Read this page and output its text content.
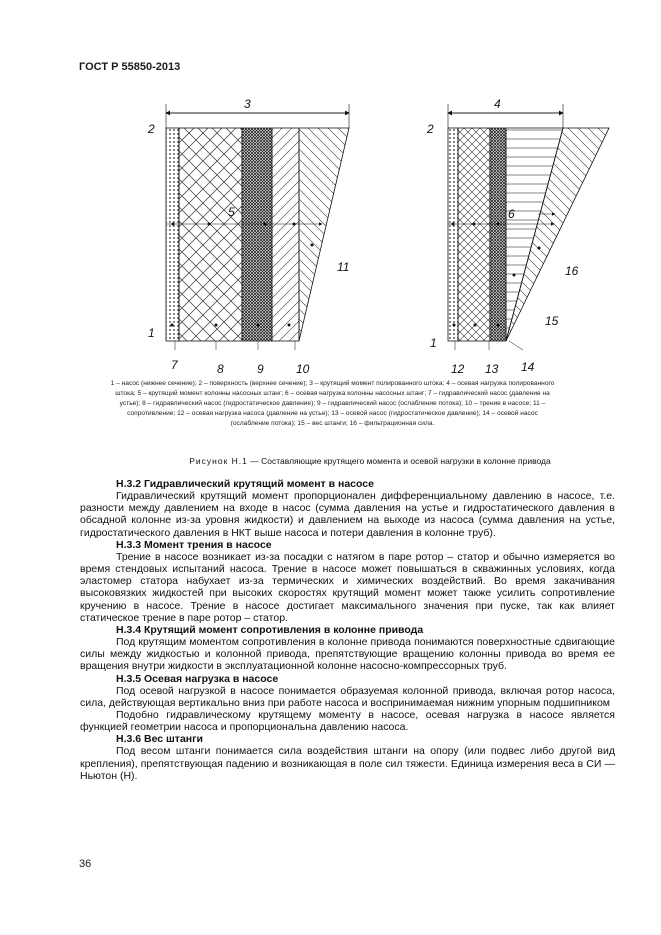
ГОСТ Р 55850-2013
3
2
1
5
7	8	9	10
11
4
2
1
6
12 13 14
15
16
1 – насос (нижнее сечение); 2 – поверхность (верхнее сечение); 3 – крутящий момент полированного штока; 4 – осевая нагрузка полированного штока; 5 – крутящий момент колонны насосных штанг; 6 – осевая нагрузка колонны насосных штанг; 7 – гидравлический насос (давление на устье); 8 – гидравлический насос (гидростатическое давление); 9 – гидравлический насос (ослабление потока); 10 – трение в насосе; 11 – сопротивление; 12 – осевая нагрузка насоса (давление на устье); 13 – осевой насос (гидростатическое давление); 14 – осевой насос (ослабление потока); 15 – вес штанги; 16 – фильтрационная сила.
Рисунок Н.1 — Составляющие крутящего момента и осевой нагрузки в колонне привода
Н.3.2 Гидравлический крутящий момент в насосе

Гидравлический крутящий момент пропорционален дифференциальному давлению в насосе, т.е. разности между давлением на входе в насос (сумма давления на устье и гидростатического давления в обсадной колонне из-за уровня жидкости) и давлением на выходе из насоса (сумма давления на устье, гидростатического давления в НКТ выше насоса и потери давления в колонне труб).

Н.3.3 Момент трения в насосе

Трение в насосе возникает из-за посадки с натягом в паре ротор – статор и обычно измеряется во время стендовых испытаний насоса. Трение в насосе может повышаться в скважинных условиях, когда эластомер статора набухает из-за термических и химических воздействий. Во время закачивания высоковязких жидкостей при высоких скоростях крутящий момент может также усилить сопротивление кручению в насосе. Трение в насосе достигает максимального значения при пуске, так как влияет статическое трение в паре ротор – статор.

Н.3.4 Крутящий момент сопротивления в колонне привода

Под крутящим моментом сопротивления в колонне привода понимаются поверхностные сдвигающие силы между жидкостью и колонной привода, препятствующие вращению колонны привода во время ее вращения внутри жидкости в эксплуатационной колонне насосно-компрессорных труб.

Н.3.5 Осевая нагрузка в насосе

Под осевой нагрузкой в насосе понимается образуемая колонной привода, включая ротор насоса, сила, действующая вертикально вниз при работе насоса и воспринимаемая нижним упорным подшипником

Подобно гидравлическому крутящему моменту в насосе, осевая нагрузка в насосе является функцией геометрии насоса и пропорциональна давлению насоса.

Н.3.6 Вес штанги

Под весом штанги понимается сила воздействия штанги на опору (или подвес либо другой вид крепления), препятствующая падению и возникающая в поле сил тяжести. Единица измерения веса в СИ — Ньютон (Н).

36
